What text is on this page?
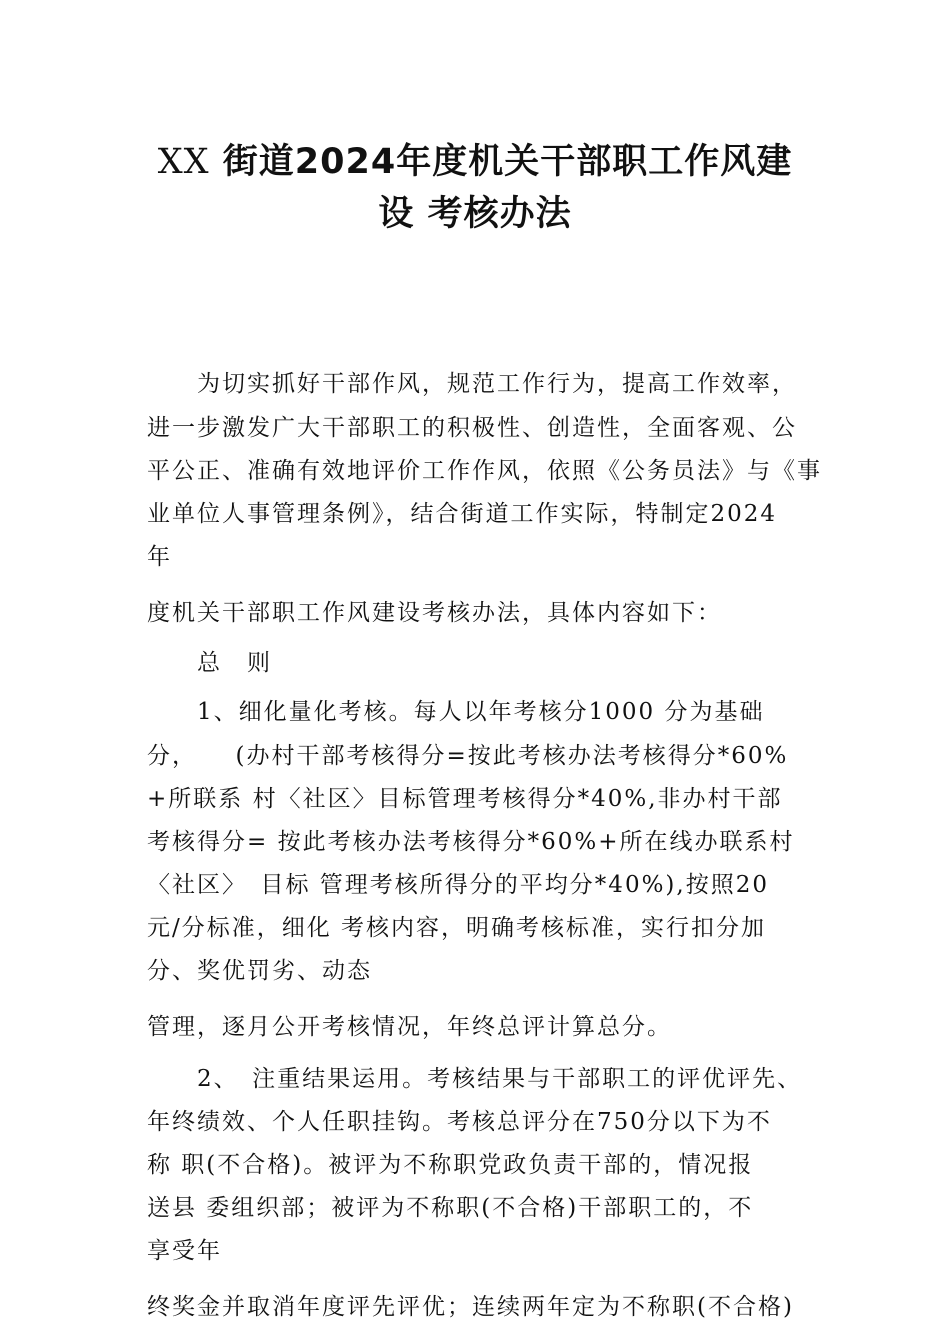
XX 街道2024年度机关干部职工作风建
设 考核办法
为切实抓好干部作风，规范工作行为，提高工作效率，
进一步激发广大干部职工的积极性、创造性，全面客观、公
平公正、准确有效地评价工作作风，依照《公务员法》与《事
业单位人事管理条例》，结合街道工作实际，特制定2024
年
度机关干部职工作风建设考核办法，具体内容如下：
总　则
1、细化量化考核。每人以年考核分1000 分为基础
分，　　(办村干部考核得分=按此考核办法考核得分*60%
+所联系 村〈社区〉目标管理考核得分*40%,非办村干部
考核得分= 按此考核办法考核得分*60%+所在线办联系村
〈社区〉　目标 管理考核所得分的平均分*40%),按照20
元/分标准，细化 考核内容，明确考核标准，实行扣分加
分、奖优罚劣、动态
管理，逐月公开考核情况，年终总评计算总分。
2、　注重结果运用。考核结果与干部职工的评优评先、
年终绩效、个人任职挂钩。考核总评分在750分以下为不
称 职(不合格)。被评为不称职党政负责干部的，情况报
送县 委组织部；被评为不称职(不合格)干部职工的，不
享受年
终奖金并取消年度评先评优；连续两年定为不称职(不合格)
